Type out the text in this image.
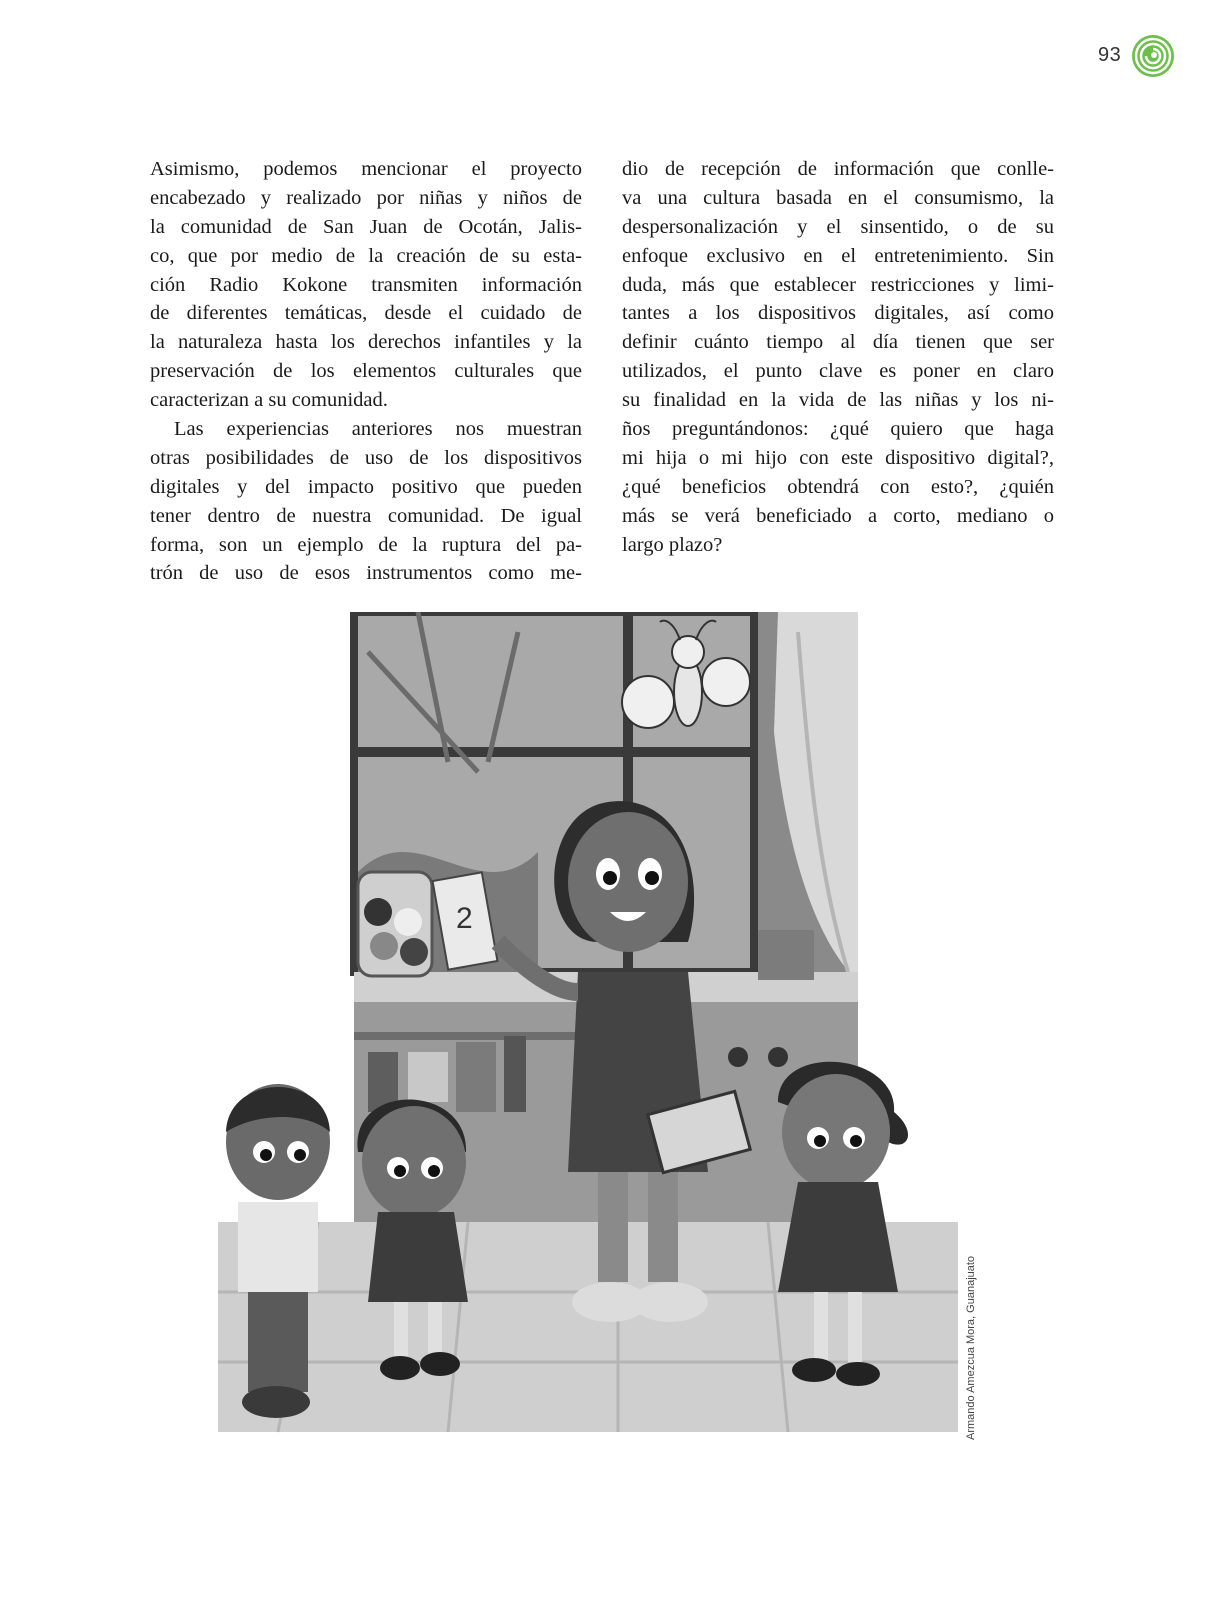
93
Asimismo, podemos mencionar el proyecto
encabezado y realizado por niñas y niños de
la comunidad de San Juan de Ocotán, Jalis-
co, que por medio de la creación de su esta-
ción Radio Kokone transmiten información
de diferentes temáticas, desde el cuidado de
la naturaleza hasta los derechos infantiles y la
preservación de los elementos culturales que
caracterizan a su comunidad.
Las experiencias anteriores nos muestran
otras posibilidades de uso de los dispositivos
digitales y del impacto positivo que pueden
tener dentro de nuestra comunidad. De igual
forma, son un ejemplo de la ruptura del pa-
trón de uso de esos instrumentos como me-
dio de recepción de información que conlle-
va una cultura basada en el consumismo, la
despersonalización y el sinsentido, o de su
enfoque exclusivo en el entretenimiento. Sin
duda, más que establecer restricciones y limi-
tantes a los dispositivos digitales, así como
definir cuánto tiempo al día tienen que ser
utilizados, el punto clave es poner en claro
su finalidad en la vida de las niñas y los ni-
ños preguntándonos: ¿qué quiero que haga
mi hija o mi hijo con este dispositivo digital?,
¿qué beneficios obtendrá con esto?, ¿quién
más se verá beneficiado a corto, mediano o
largo plazo?
2
Armando Amezcua Mora, Guanajuato
